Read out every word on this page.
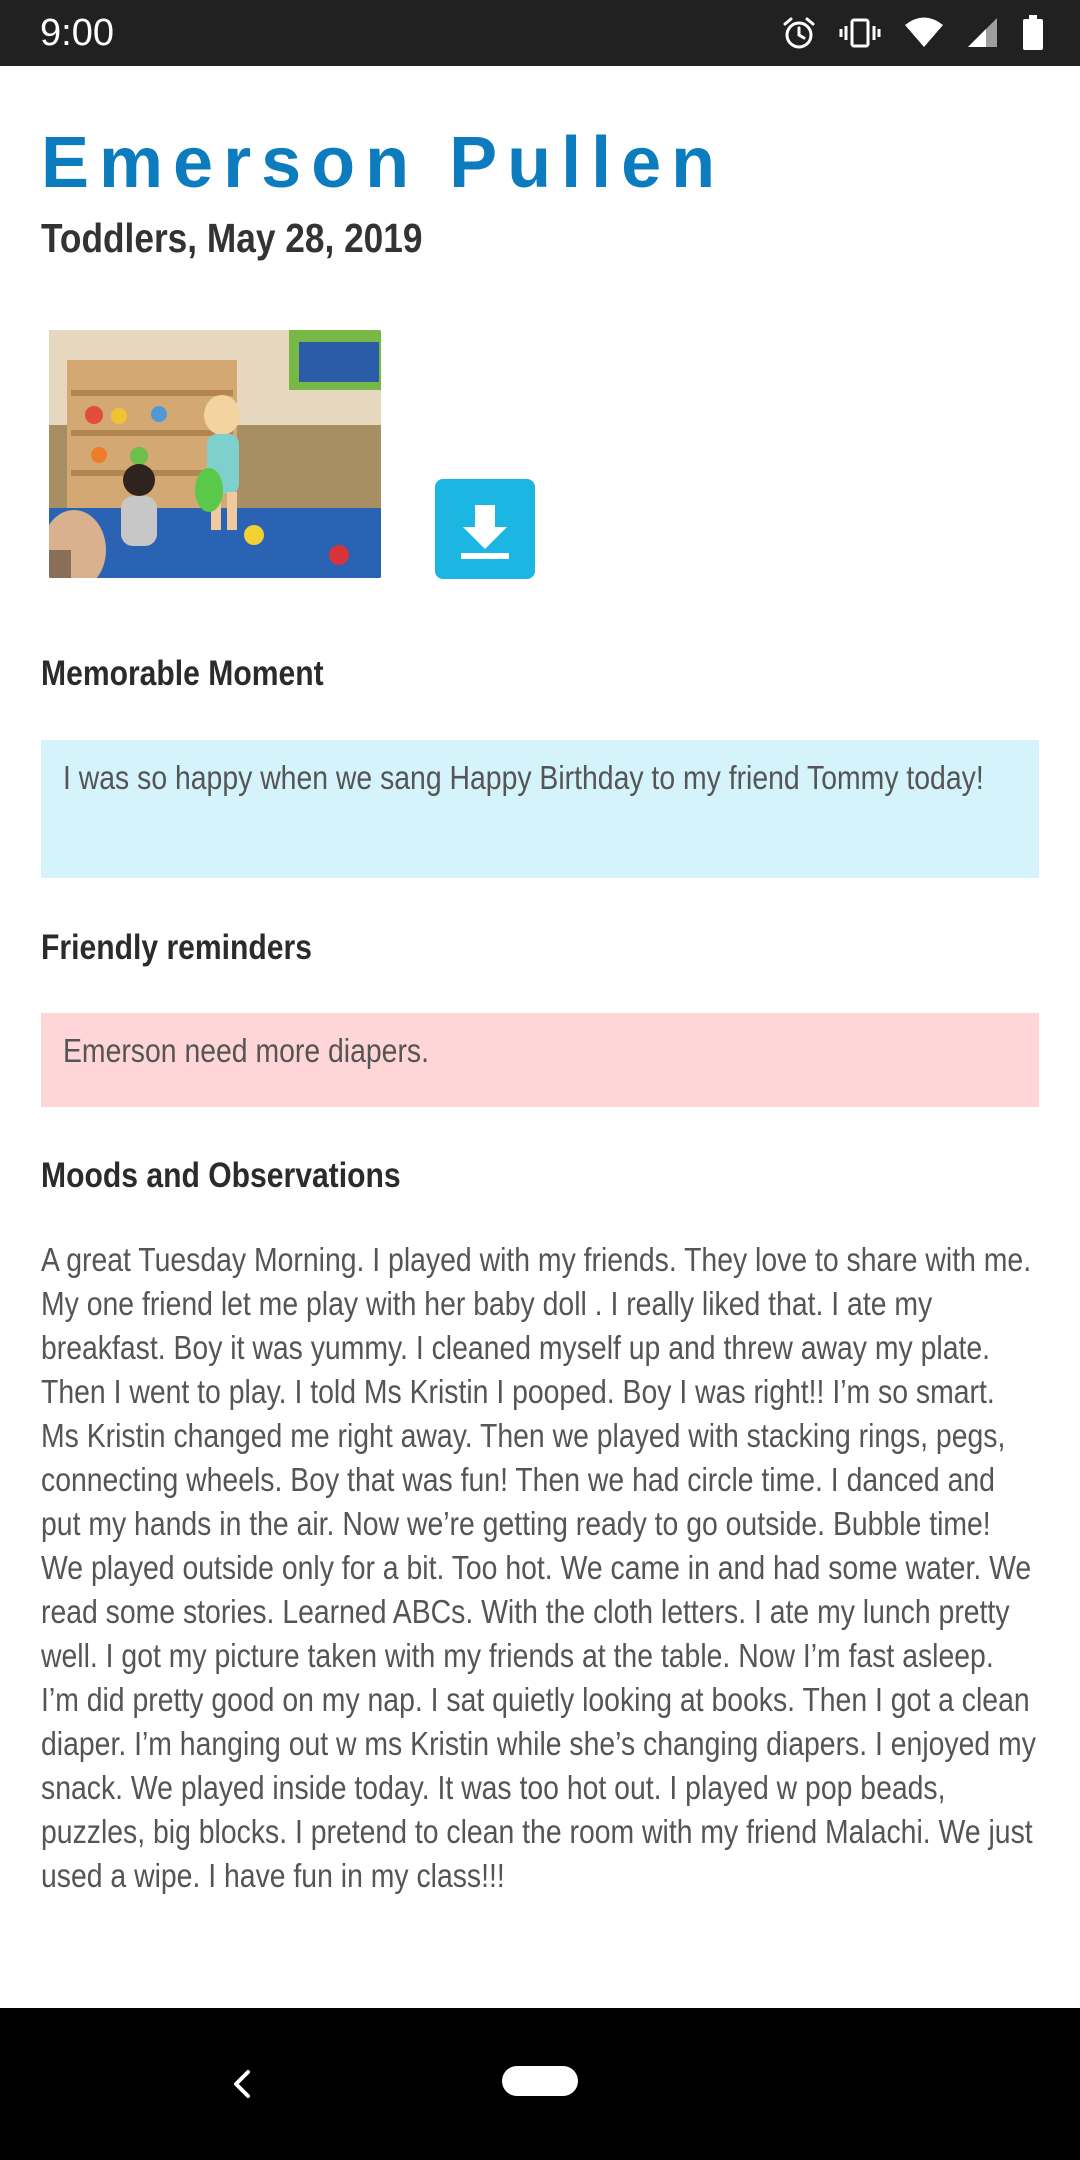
9:00
Emerson Pullen
Toddlers, May 28, 2019
Memorable Moment
I was so happy when we sang Happy Birthday to my friend Tommy today!
Friendly reminders
Emerson need more diapers.
Moods and Observations
A great Tuesday Morning. I played with my friends. They love to share with me. My one friend let me play with her baby doll . I really liked that. I ate my breakfast. Boy it was yummy. I cleaned myself up and threw away my plate. Then I went to play. I told Ms Kristin I pooped. Boy I was right!! I’m so smart. Ms Kristin changed me right away. Then we played with stacking rings, pegs, connecting wheels. Boy that was fun! Then we had circle time. I danced and put my hands in the air. Now we’re getting ready to go outside. Bubble time! We played outside only for a bit. Too hot. We came in and had some water. We read some stories. Learned ABCs. With the cloth letters. I ate my lunch pretty well. I got my picture taken with my friends at the table. Now I’m fast asleep. I’m did pretty good on my nap. I sat quietly looking at books. Then I got a clean diaper. I’m hanging out w ms Kristin while she’s changing diapers. I enjoyed my snack. We played inside today. It was too hot out. I played w pop beads, puzzles, big blocks. I pretend to clean the room with my friend Malachi. We just used a wipe. I have fun in my class!!!
